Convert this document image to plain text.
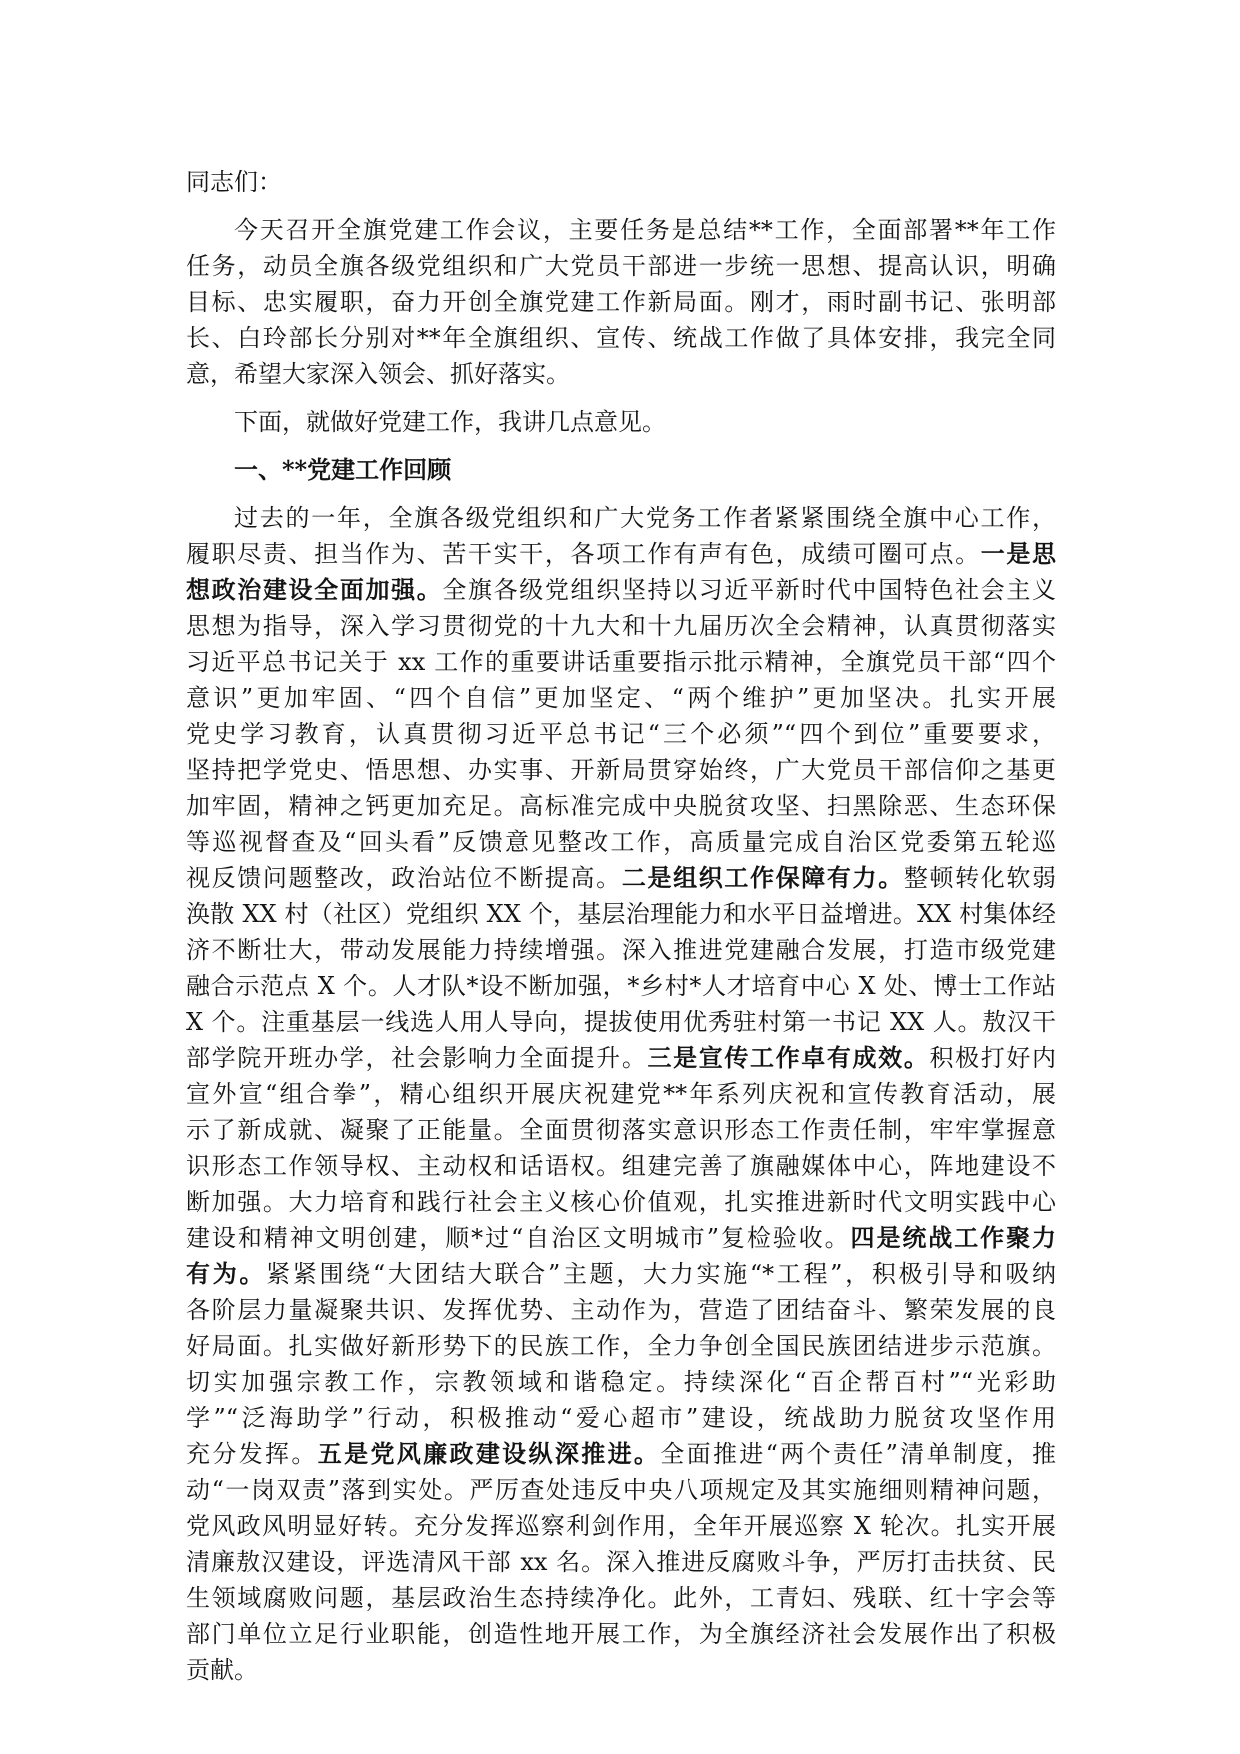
同志们：
今天召开全旗党建工作会议，主要任务是总结**工作，全面部署**年工作
任务，动员全旗各级党组织和广大党员干部进一步统一思想、提高认识，明确
目标、忠实履职，奋力开创全旗党建工作新局面。刚才，雨时副书记、张明部
长、白玲部长分别对**年全旗组织、宣传、统战工作做了具体安排，我完全同
意，希望大家深入领会、抓好落实。
下面，就做好党建工作，我讲几点意见。
一、**党建工作回顾
过去的一年，全旗各级党组织和广大党务工作者紧紧围绕全旗中心工作，
履职尽责、担当作为、苦干实干，各项工作有声有色，成绩可圈可点。一是思
想政治建设全面加强。全旗各级党组织坚持以习近平新时代中国特色社会主义
思想为指导，深入学习贯彻党的十九大和十九届历次全会精神，认真贯彻落实
习近平总书记关于 xx 工作的重要讲话重要指示批示精神，全旗党员干部“四个
意识”更加牢固、“四个自信”更加坚定、“两个维护”更加坚决。扎实开展
党史学习教育，认真贯彻习近平总书记“三个必须”“四个到位”重要要求，
坚持把学党史、悟思想、办实事、开新局贯穿始终，广大党员干部信仰之基更
加牢固，精神之钙更加充足。高标准完成中央脱贫攻坚、扫黑除恶、生态环保
等巡视督查及“回头看”反馈意见整改工作，高质量完成自治区党委第五轮巡
视反馈问题整改，政治站位不断提高。二是组织工作保障有力。整顿转化软弱
涣散 XX 村（社区）党组织 XX 个，基层治理能力和水平日益增进。XX 村集体经
济不断壮大，带动发展能力持续增强。深入推进党建融合发展，打造市级党建
融合示范点 X 个。人才队*设不断加强，*乡村*人才培育中心 X 处、博士工作站
X 个。注重基层一线选人用人导向，提拔使用优秀驻村第一书记 XX 人。敖汉干
部学院开班办学，社会影响力全面提升。三是宣传工作卓有成效。积极打好内
宣外宣“组合拳”，精心组织开展庆祝建党**年系列庆祝和宣传教育活动，展
示了新成就、凝聚了正能量。全面贯彻落实意识形态工作责任制，牢牢掌握意
识形态工作领导权、主动权和话语权。组建完善了旗融媒体中心，阵地建设不
断加强。大力培育和践行社会主义核心价值观，扎实推进新时代文明实践中心
建设和精神文明创建，顺*过“自治区文明城市”复检验收。四是统战工作聚力
有为。紧紧围绕“大团结大联合”主题，大力实施“*工程”，积极引导和吸纳
各阶层力量凝聚共识、发挥优势、主动作为，营造了团结奋斗、繁荣发展的良
好局面。扎实做好新形势下的民族工作，全力争创全国民族团结进步示范旗。
切实加强宗教工作，宗教领域和谐稳定。持续深化“百企帮百村”“光彩助
学”“泛海助学”行动，积极推动“爱心超市”建设，统战助力脱贫攻坚作用
充分发挥。五是党风廉政建设纵深推进。全面推进“两个责任”清单制度，推
动“一岗双责”落到实处。严厉查处违反中央八项规定及其实施细则精神问题，
党风政风明显好转。充分发挥巡察利剑作用，全年开展巡察 X 轮次。扎实开展
清廉敖汉建设，评选清风干部 xx 名。深入推进反腐败斗争，严厉打击扶贫、民
生领域腐败问题，基层政治生态持续净化。此外，工青妇、残联、红十字会等
部门单位立足行业职能，创造性地开展工作，为全旗经济社会发展作出了积极
贡献。
